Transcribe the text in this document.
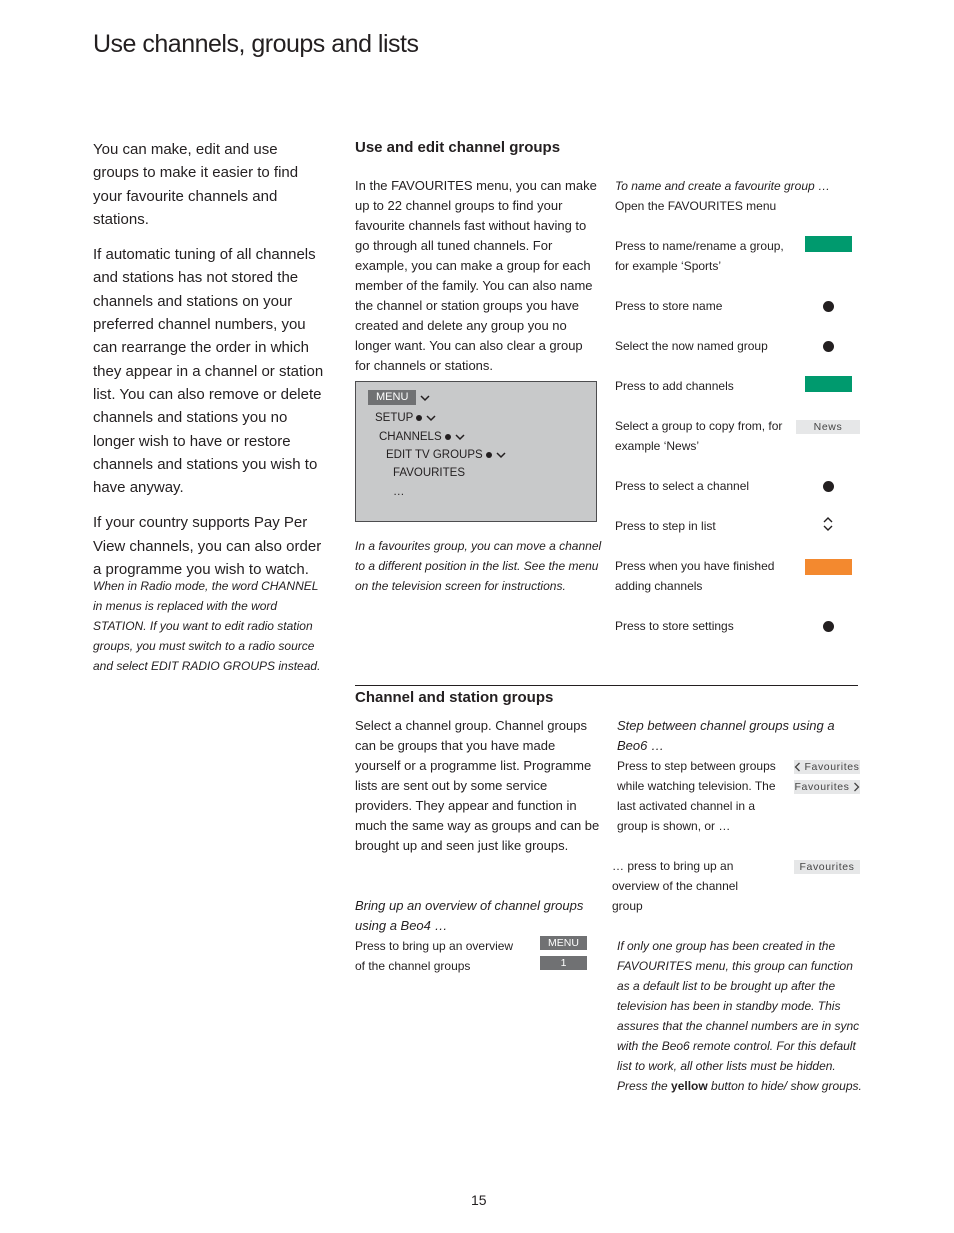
Use channels, groups and lists

You can make, edit and use groups to make it easier to find your favourite channels and stations.

If automatic tuning of all channels and stations has not stored the channels and stations on your preferred channel numbers, you can rearrange the order in which they appear in a channel or station list. You can also remove or delete channels and stations you no longer wish to have or restore channels and stations you wish to have anyway.

If your country supports Pay Per View channels, you can also order a programme you wish to watch.

When in Radio mode, the word CHANNEL in menus is replaced with the word STATION. If you want to edit radio station groups, you must switch to a radio source and select EDIT RADIO GROUPS instead.
Use and edit channel groups
In the FAVOURITES menu, you can make up to 22 channel groups to find your favourite channels fast without having to go through all tuned channels. For example, you can make a group for each member of the family. You can also name the channel or station groups you have created and delete any group you no longer want. You can also clear a group for channels or stations.
MENU
SETUP
CHANNELS
EDIT TV GROUPS
FAVOURITES
…
In a favourites group, you can move a channel to a different position in the list. See the menu on the television screen for instructions.
To name and create a favourite group …
Open the FAVOURITES menu
Press to name/rename a group, for example ‘Sports’
Press to store name
Select the now named group
Press to add channels
Select a group to copy from, for example ‘News’
News
Press to select a channel
Press to step in list
Press when you have finished adding channels
Press to store settings
Channel and station groups
Select a channel group. Channel groups can be groups that you have made yourself or a programme list. Programme lists are sent out by some service providers. They appear and function in much the same way as groups and can be brought up and seen just like groups.
Bring up an overview of channel groups using a Beo4 …
Press to bring up an overview of the channel groups
MENU
1
Step between channel groups using a Beo6 …
Press to step between groups while watching television. The last activated channel in a group is shown, or …
Favourites
Favourites
… press to bring up an overview of the channel group
Favourites
If only one group has been created in the FAVOURITES menu, this group can function as a default list to be brought up after the television has been in standby mode. This assures that the channel numbers are in sync with the Beo6 remote control. For this default list to work, all other lists must be hidden. Press the yellow button to hide/ show groups.
15
